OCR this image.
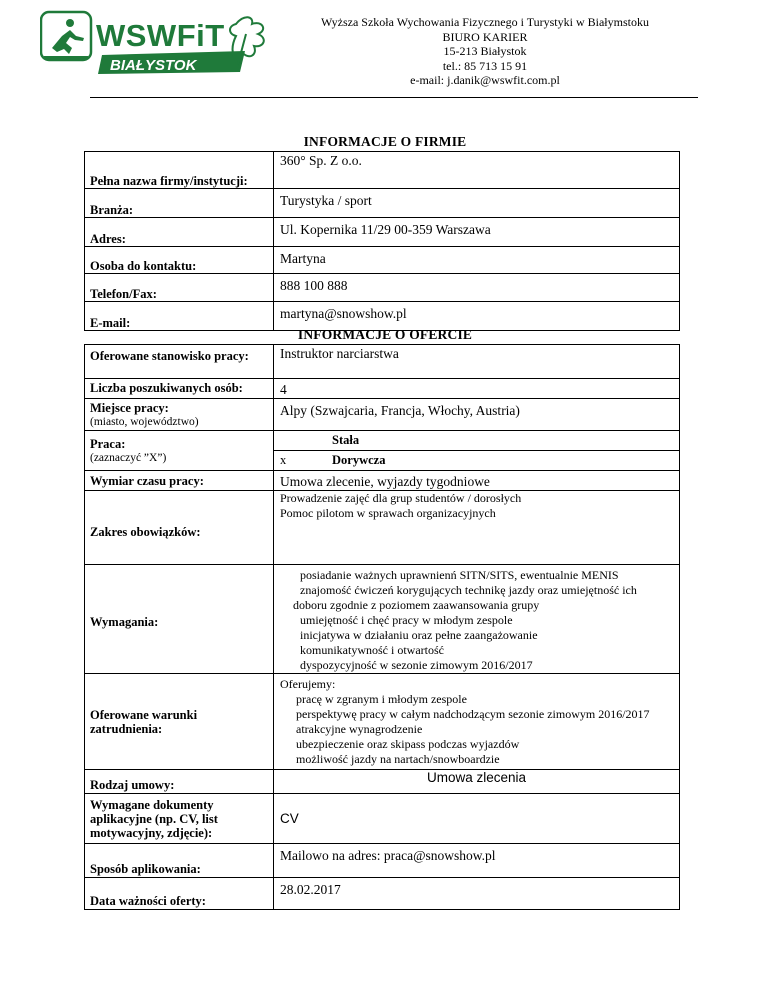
WSWFiT
BIAŁYSTOK
Wyższa Szkoła Wychowania Fizycznego i Turystyki w Białymstoku
BIURO KARIER
15-213 Białystok
tel.: 85 713 15 91
e-mail: j.danik@wswfit.com.pl
INFORMACJE O FIRMIE
Pełna nazwa firmy/instytucji:	360° Sp. Z o.o.

Branża:	Turystyka / sport

Adres:	Ul. Kopernika 11/29 00-359 Warszawa

Osoba do kontaktu:	Martyna

Telefon/Fax:	888 100 888

E-mail:	martyna@snowshow.pl
INFORMACJE O OFERCIE
Oferowane stanowisko pracy:	Instruktor narciarstwa
Liczba poszukiwanych osób:	4

Miejsce pracy:
(miasto, województwo)
	Alpy (Szwajcaria, Francja, Włochy, Austria)

Praca:
(zaznaczyć ”X”)

	Stała
x	Dorywcza

Wymiar czasu pracy:	Umowa zlecenie, wyjazdy tygodniowe

Zakres obowiązków:

Prowadzenie zajęć dla grup studentów / dorosłych
Pomoc pilotom w sprawach organizacyjnych

Wymagania:

posiadanie ważnych uprawnienń SITN/SITS, ewentualnie MENIS
znajomość ćwiczeń korygujących technikę jazdy oraz umiejętność ich
doboru zgodnie z poziomem zaawansowania grupy
umiejętność i chęć pracy w młodym zespole
inicjatywa w działaniu oraz pełne zaangażowanie
komunikatywność i otwartość
dyspozycyjność w sezonie zimowym 2016/2017

Oferowane warunki zatrudnienia:

Oferujemy:
pracę w zgranym i młodym zespole
perspektywę pracy w całym nadchodzącym sezonie zimowym 2016/2017
atrakcyjne wynagrodzenie
ubezpieczenie oraz skipass podczas wyjazdów
możliwość jazdy na nartach/snowboardzie

Rodzaj umowy:	Umowa zlecenia
Wymagane dokumenty aplikacyjne (np. CV, list motywacyjny, zdjęcie):	CV

Sposób aplikowania:
	Mailowo na adres: praca@snowshow.pl

Data ważności oferty:
	28.02.2017
